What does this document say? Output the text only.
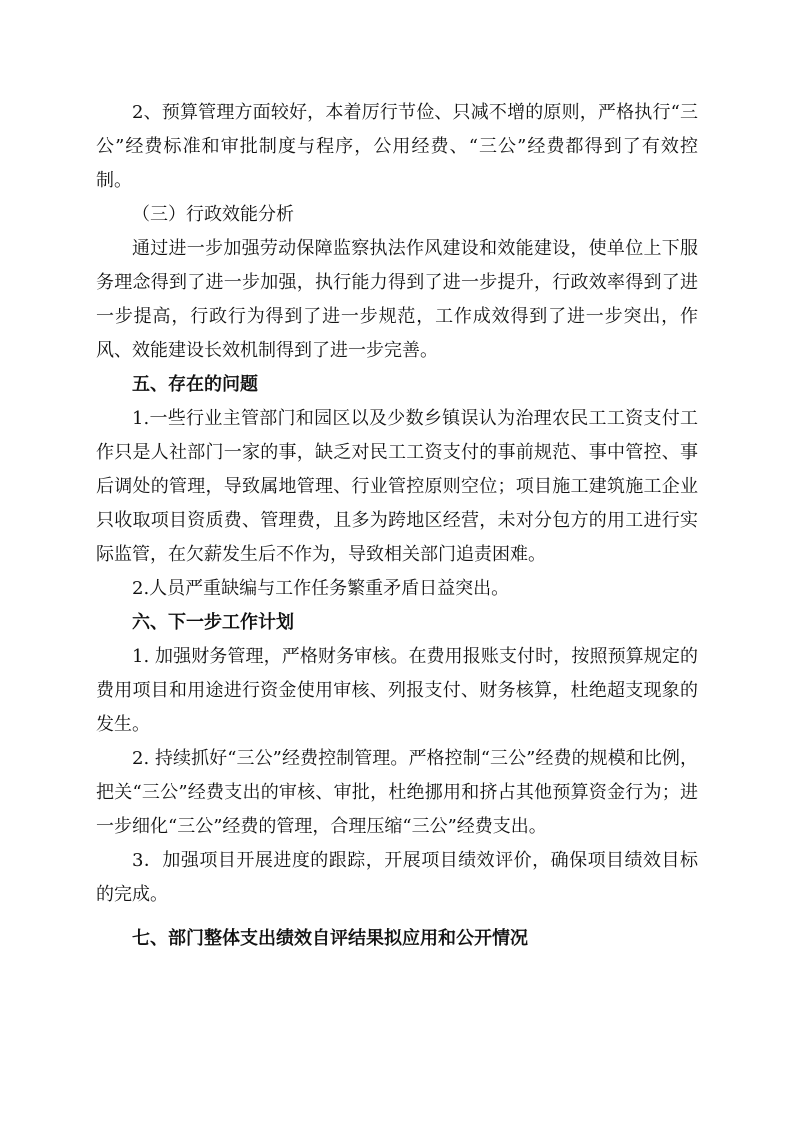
2、预算管理方面较好，本着厉行节俭、只减不增的原则，严格执行“三公”经费标准和审批制度与程序，公用经费、“三公”经费都得到了有效控制。

（三）行政效能分析

通过进一步加强劳动保障监察执法作风建设和效能建设，使单位上下服务理念得到了进一步加强，执行能力得到了进一步提升，行政效率得到了进一步提高，行政行为得到了进一步规范，工作成效得到了进一步突出，作风、效能建设长效机制得到了进一步完善。

五、存在的问题

1.一些行业主管部门和园区以及少数乡镇误认为治理农民工工资支付工作只是人社部门一家的事，缺乏对民工工资支付的事前规范、事中管控、事后调处的管理，导致属地管理、行业管控原则空位；项目施工建筑施工企业只收取项目资质费、管理费，且多为跨地区经营，未对分包方的用工进行实际监管，在欠薪发生后不作为，导致相关部门追责困难。

2.人员严重缺编与工作任务繁重矛盾日益突出。

六、下一步工作计划

1. 加强财务管理，严格财务审核。在费用报账支付时，按照预算规定的费用项目和用途进行资金使用审核、列报支付、财务核算，杜绝超支现象的发生。

2. 持续抓好“三公”经费控制管理。严格控制“三公”经费的规模和比例，把关“三公”经费支出的审核、审批，杜绝挪用和挤占其他预算资金行为；进一步细化“三公”经费的管理，合理压缩“三公”经费支出。

3．加强项目开展进度的跟踪，开展项目绩效评价，确保项目绩效目标的完成。

七、部门整体支出绩效自评结果拟应用和公开情况
